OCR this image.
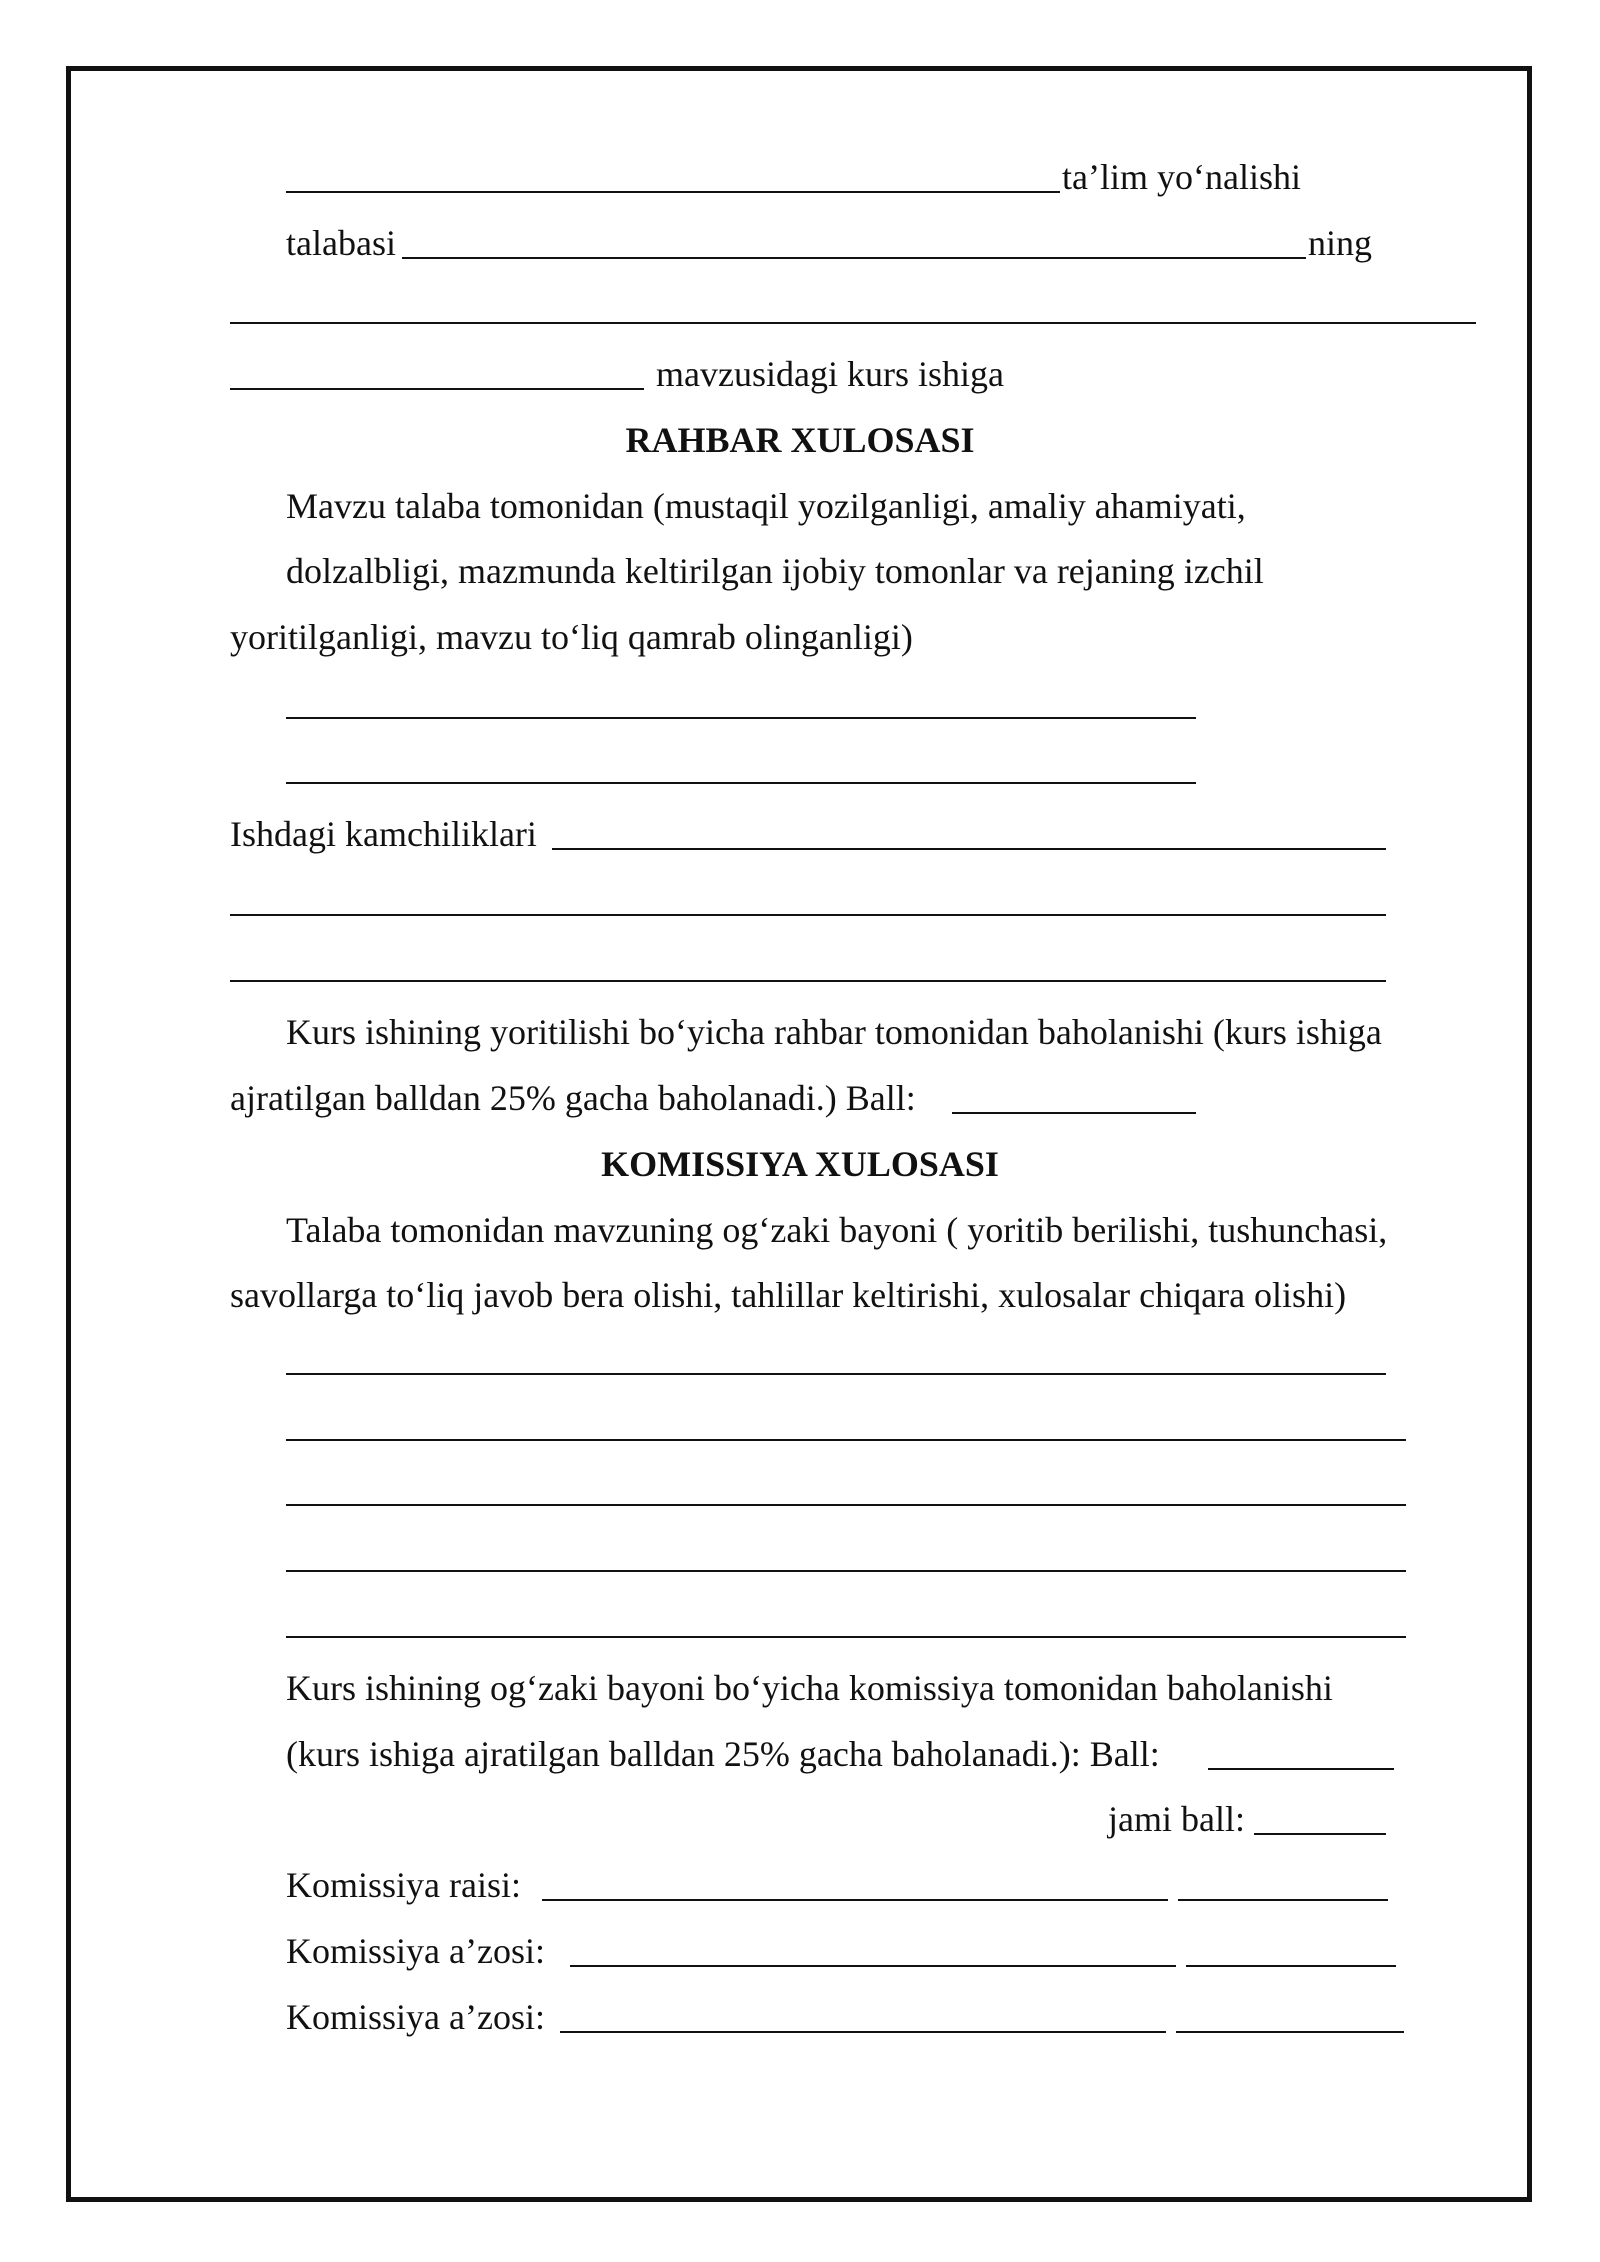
ta’lim yo‘nalishi
talabasi	ning
mavzusidagi kurs ishiga
RAHBAR XULOSASI
Mavzu talaba tomonidan (mustaqil yozilganligi, amaliy ahamiyati,
dolzalbligi, mazmunda keltirilgan ijobiy tomonlar va rejaning izchil
yoritilganligi, mavzu to‘liq qamrab olinganligi)
Ishdagi kamchiliklari
Kurs ishining yoritilishi bo‘yicha rahbar tomonidan baholanishi (kurs ishiga
ajratilgan balldan 25% gacha baholanadi.) Ball:
KOMISSIYA XULOSASI
Talaba tomonidan mavzuning og‘zaki bayoni ( yoritib berilishi, tushunchasi,
savollarga to‘liq javob bera olishi, tahlillar keltirishi, xulosalar chiqara olishi)
Kurs ishining og‘zaki bayoni bo‘yicha komissiya tomonidan baholanishi
(kurs ishiga ajratilgan balldan 25% gacha baholanadi.): Ball:
jami ball:
Komissiya raisi:
Komissiya a’zosi:
Komissiya a’zosi:
